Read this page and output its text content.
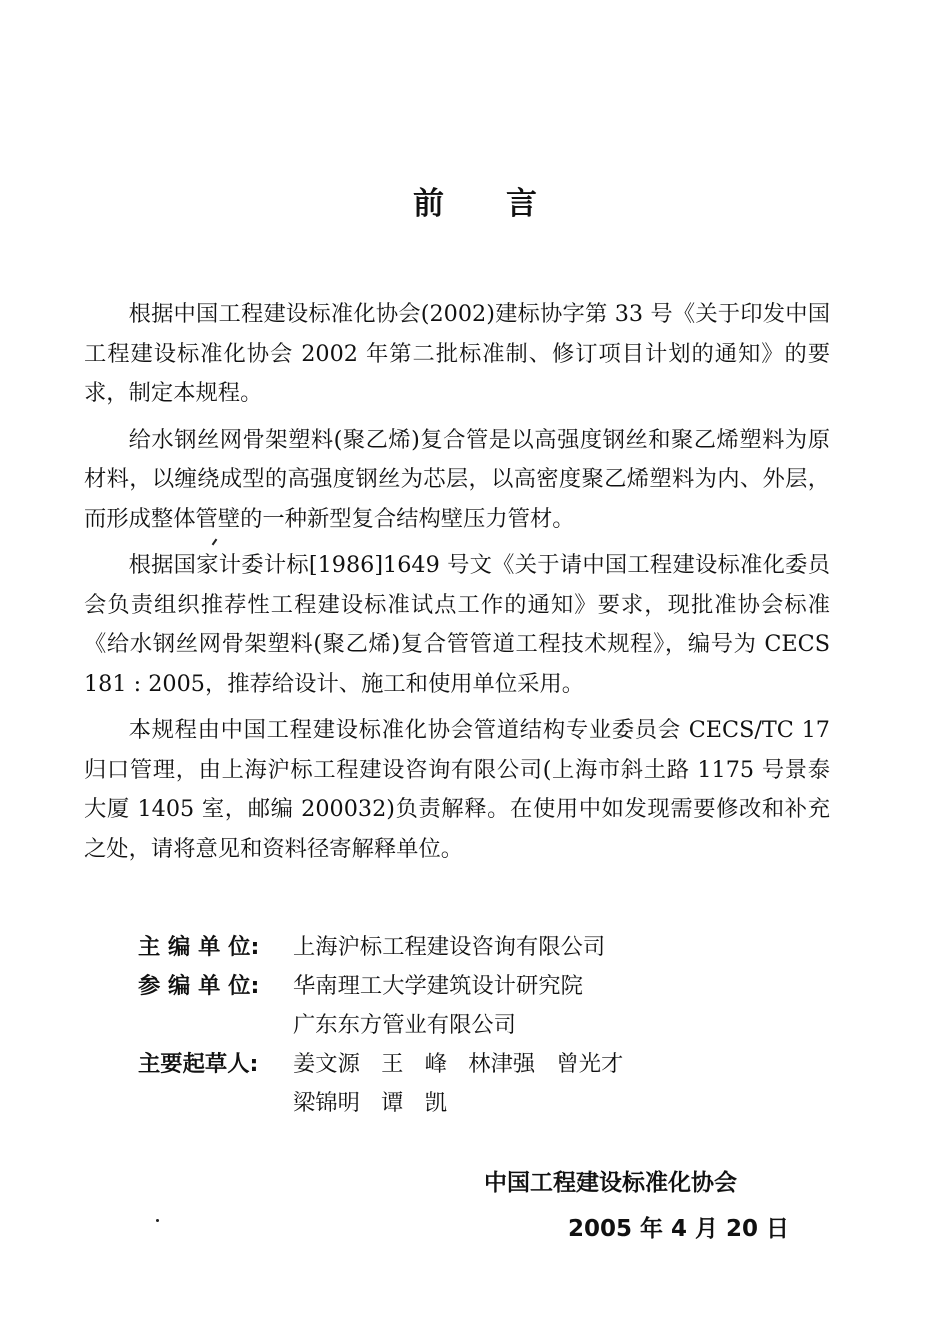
前言

根据中国工程建设标准化协会(2002)建标协字第 33 号《关于印发中国工程建设标准化协会 2002 年第二批标准制、修订项目计划的通知》的要求，制定本规程。

给水钢丝网骨架塑料(聚乙烯)复合管是以高强度钢丝和聚乙烯塑料为原材料，以缠绕成型的高强度钢丝为芯层，以高密度聚乙烯塑料为内、外层，而形成整体管壁的一种新型复合结构壁压力管材。

根据国家计委计标[1986]1649 号文《关于请中国工程建设标准化委员会负责组织推荐性工程建设标准试点工作的通知》要求，现批准协会标准《给水钢丝网骨架塑料(聚乙烯)复合管管道工程技术规程》，编号为 CECS 181 : 2005，推荐给设计、施工和使用单位采用。

本规程由中国工程建设标准化协会管道结构专业委员会 CECS/TC 17 归口管理，由上海沪标工程建设咨询有限公司(上海市斜土路 1175 号景泰大厦 1405 室，邮编 200032)负责解释。在使用中如发现需要修改和补充之处，请将意见和资料径寄解释单位。

主 编 单 位:	上海沪标工程建设咨询有限公司
参 编 单 位:	华南理工大学建筑设计研究院
广东东方管业有限公司
主要起草人:	姜文源   王   峰   林津强   曾光才
梁锦明   谭   凯
中国工程建设标准化协会
2005 年 4 月 20 日
